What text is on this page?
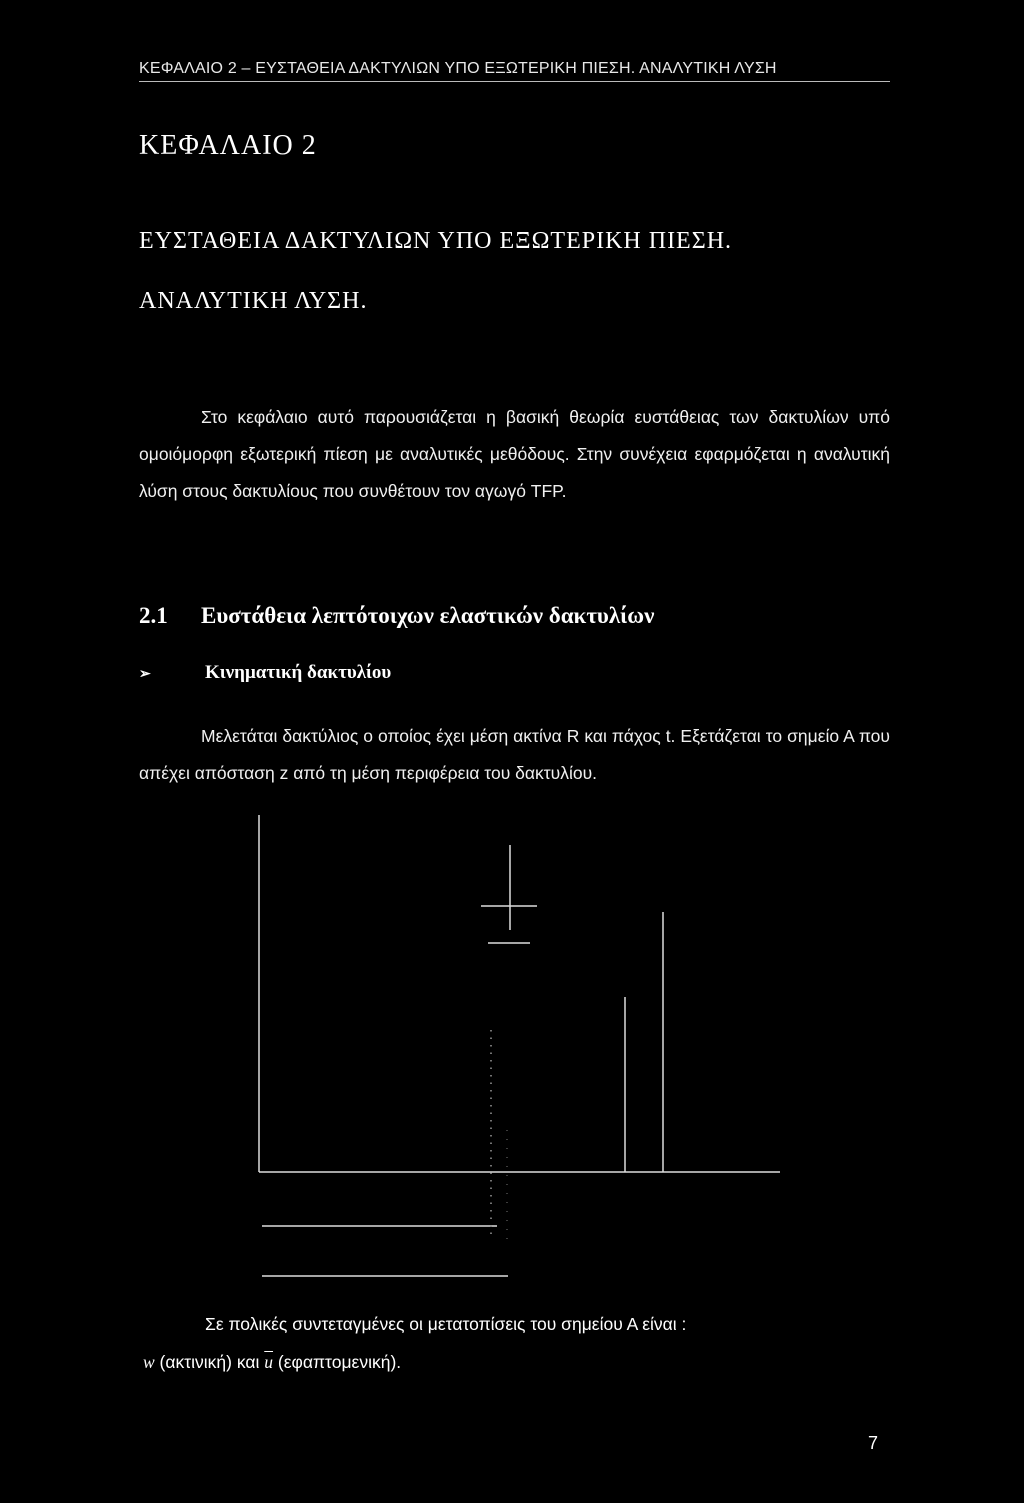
ΚΕΦΑΛΑΙΟ 2 – ΕΥΣΤΑΘΕΙΑ ΔΑΚΤΥΛΙΩΝ ΥΠΟ ΕΞΩΤΕΡΙΚΗ ΠΙΕΣΗ. ΑΝΑΛΥΤΙΚΗ ΛΥΣΗ
ΚΕΦΑΛΑΙΟ 2
ΕΥΣΤΑΘΕΙΑ ΔΑΚΤΥΛΙΩΝ ΥΠΟ ΕΞΩΤΕΡΙΚΗ ΠΙΕΣΗ.
ΑΝΑΛΥΤΙΚΗ ΛΥΣΗ.
Στο κεφάλαιο αυτό παρουσιάζεται η βασική θεωρία ευστάθειας των δακτυλίων υπό ομοιόμορφη εξωτερική πίεση με αναλυτικές μεθόδους. Στην συνέχεια εφαρμόζεται η αναλυτική λύση στους δακτυλίους που συνθέτουν τον αγωγό TFP.
2.1 Ευστάθεια λεπτότοιχων ελαστικών δακτυλίων
➢	Κινηματική δακτυλίου
Μελετάται δακτύλιος ο οποίος έχει μέση ακτίνα R και πάχος t. Εξετάζεται το σημείο Α που απέχει απόσταση z από τη μέση περιφέρεια του δακτυλίου.
Σε πολικές συντεταγμένες οι μετατοπίσεις του σημείου Α είναι :
w (ακτινική) και $\overline{u}$ (εφαπτομενική).
7
